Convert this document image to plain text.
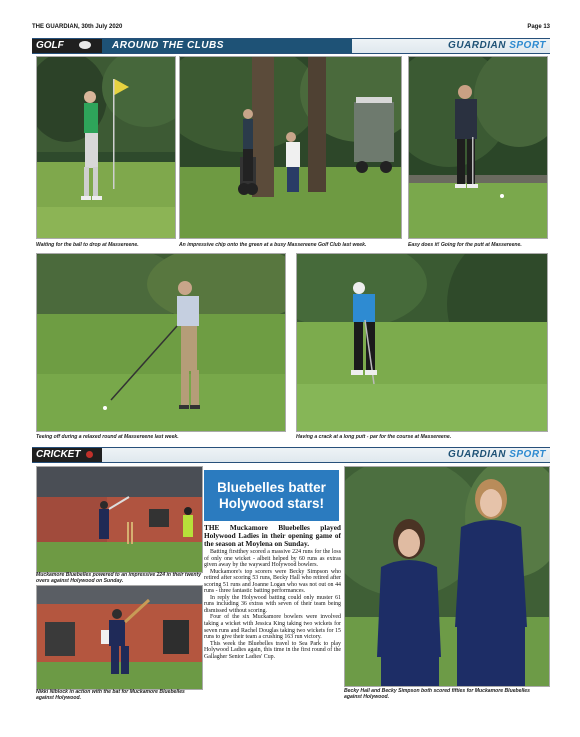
THE GUARDIAN, 30th July 2020	Page 13
GOLF	AROUND THE CLUBS	GUARDIAN SPORT
Waiting for the ball to drop at Massereene.	An impressive chip onto the green at a busy Massereene Golf Club last week.	Easy does it! Going for the putt at Massereene.
Teeing off during a relaxed round at Massereene last week.	Having a crack at a long putt - par for the course at Massereene.
CRICKET	GUARDIAN SPORT
Muckamore Bluebelles powered to an impressive 224 in their twenty overs against Holywood on Sunday.
Nikki Niblock in action with the bat for Muckamore Bluebelles against Holywood.
Bluebelles batter Holywood stars!

THE Muckamore Bluebelles played Holywood Ladies in their opening game of the season at Moylena on Sunday.

Batting firstthey scored a massive 224 runs for the loss of only one wicket - albeit helped by 60 runs as extras given away by the wayward Holywood bowlers.

Muckamore's top scorers were Becky Simpson who retired after scoring 53 runs, Becky Hall who retired after scoring 51 runs and Joanne Logan who was not out on 44 runs - three fantastic batting performances.

In reply the Holywood batting could only muster 61 runs including 36 extras with seven of their team being dismissed without scoring.

Four of the six Muckamore bowlers were involved taking a wicket with Jessica King taking two wickets for seven runs and Rachel Douglas taking two wickets for 15 runs to give their team a crushing 163 run victory.

This week the Bluebelles travel to Sea Park to play Holywood Ladies again, this time in the first round of the Gallagher Senior Ladies' Cup.

Becky Hall and Becky Simpson both scored fifties for Muckamore Bluebelles against Holywood.
